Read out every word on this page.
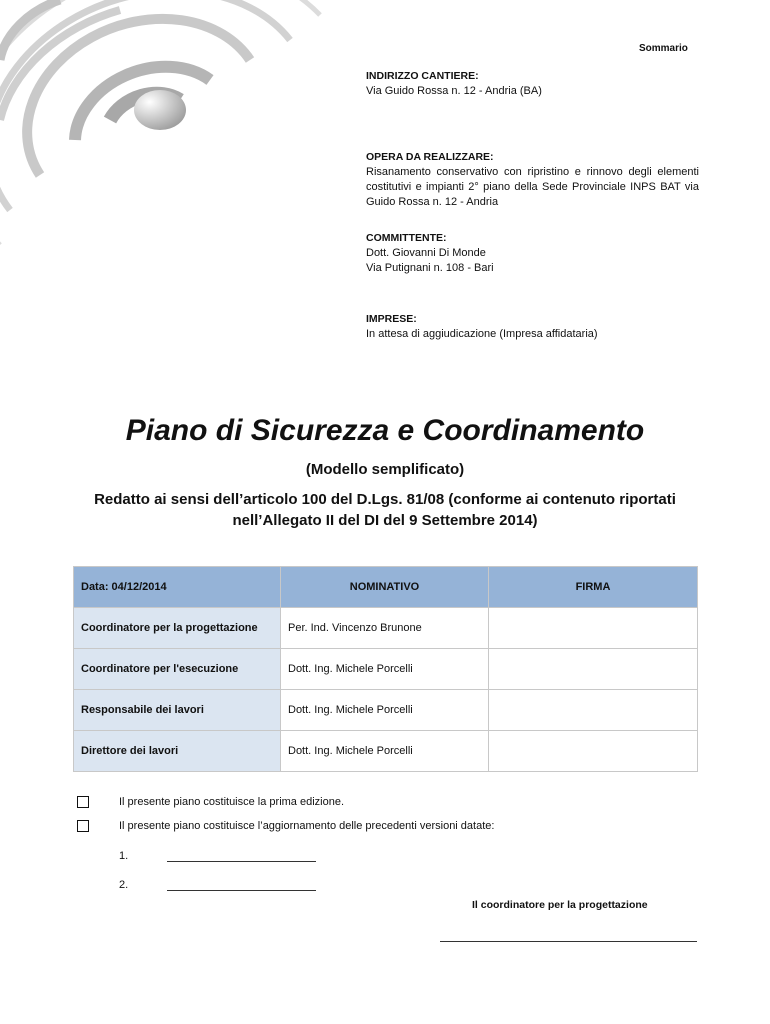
Sommario
INDIRIZZO CANTIERE:
Via Guido Rossa n. 12 - Andria (BA)
OPERA DA REALIZZARE:
Risanamento conservativo con ripristino e rinnovo degli elementi costitutivi e impianti 2° piano della Sede Provinciale INPS BAT via Guido Rossa n. 12 - Andria
COMMITTENTE:
Dott. Giovanni Di Monde
Via Putignani n. 108 - Bari
IMPRESE:
In attesa di aggiudicazione (Impresa affidataria)
Piano di Sicurezza e Coordinamento
(Modello semplificato)
Redatto ai sensi dell’articolo 100 del D.Lgs. 81/08 (conforme ai contenuto riportati
nell’Allegato II del DI del 9 Settembre 2014)
Data: 04/12/2014	NOMINATIVO	FIRMA
Coordinatore per la progettazione	Per. Ind. Vincenzo Brunone	
Coordinatore per l'esecuzione	Dott. Ing. Michele Porcelli	
Responsabile dei lavori	Dott. Ing. Michele Porcelli	
Direttore dei lavori	Dott. Ing. Michele Porcelli	
Il presente piano costituisce la prima edizione.
Il presente piano costituisce l’aggiornamento delle precedenti versioni datate:
1.
2.
Il coordinatore per la progettazione
